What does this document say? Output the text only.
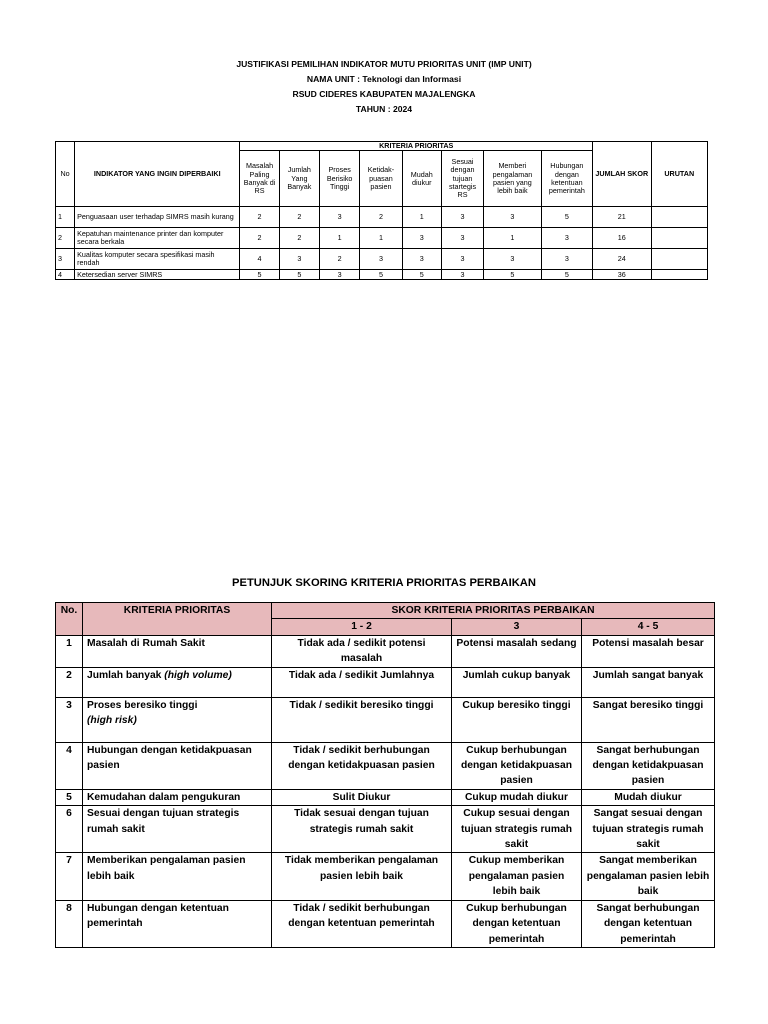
JUSTIFIKASI PEMILIHAN INDIKATOR MUTU PRIORITAS UNIT (IMP UNIT)
NAMA UNIT : Teknologi dan Informasi
RSUD CIDERES KABUPATEN MAJALENGKA
TAHUN : 2024
No	INDIKATOR YANG INGIN DIPERBAIKI	KRITERIA PRIORITAS								JUMLAH SKOR	URUTAN
		Masalah Paling Banyak di RS	Jumlah Yang Banyak	Proses Berisiko Tinggi	Ketidak-puasan pasien	Mudah diukur	Sesuai dengan tujuan startegis RS	Memberi pengalaman pasien yang lebih baik	Hubungan dengan ketentuan pemerintah		
1	Penguasaan user terhadap SIMRS masih kurang	2	2	3	2	1	3	3	5	21	
2	Kepatuhan maintenance printer dan komputer secara berkala	2	2	1	1	3	3	1	3	16	
3	Kualitas komputer secara spesifikasi masih rendah	4	3	2	3	3	3	3	3	24	
4	Ketersedian server SIMRS	5	5	3	5	5	3	5	5	36	
PETUNJUK SKORING KRITERIA PRIORITAS PERBAIKAN
No.	KRITERIA PRIORITAS	SKOR KRITERIA PRIORITAS PERBAIKAN		
		1 - 2	3	4 - 5
1	Masalah di Rumah Sakit	Tidak ada / sedikit potensi masalah	Potensi masalah sedang	Potensi masalah besar
2	Jumlah banyak (high volume)	Tidak ada / sedikit Jumlahnya	Jumlah cukup banyak	Jumlah sangat banyak
3	Proses beresiko tinggi
(high risk)	Tidak / sedikit beresiko tinggi	Cukup beresiko tinggi	Sangat beresiko tinggi
4	Hubungan dengan ketidakpuasan pasien	Tidak / sedikit berhubungan dengan ketidakpuasan pasien	Cukup berhubungan dengan ketidakpuasan pasien	Sangat berhubungan dengan ketidakpuasan pasien
5	Kemudahan dalam pengukuran	Sulit Diukur	Cukup mudah diukur	Mudah diukur
6	Sesuai dengan tujuan strategis rumah sakit	Tidak sesuai dengan tujuan strategis rumah sakit	Cukup sesuai dengan tujuan strategis rumah sakit	Sangat sesuai dengan tujuan strategis rumah sakit
7	Memberikan pengalaman pasien lebih baik	Tidak memberikan pengalaman pasien lebih baik	Cukup memberikan pengalaman pasien lebih baik	Sangat memberikan pengalaman pasien lebih baik
8	Hubungan dengan ketentuan pemerintah	Tidak / sedikit berhubungan dengan ketentuan pemerintah	Cukup berhubungan dengan ketentuan pemerintah	Sangat berhubungan dengan ketentuan pemerintah
